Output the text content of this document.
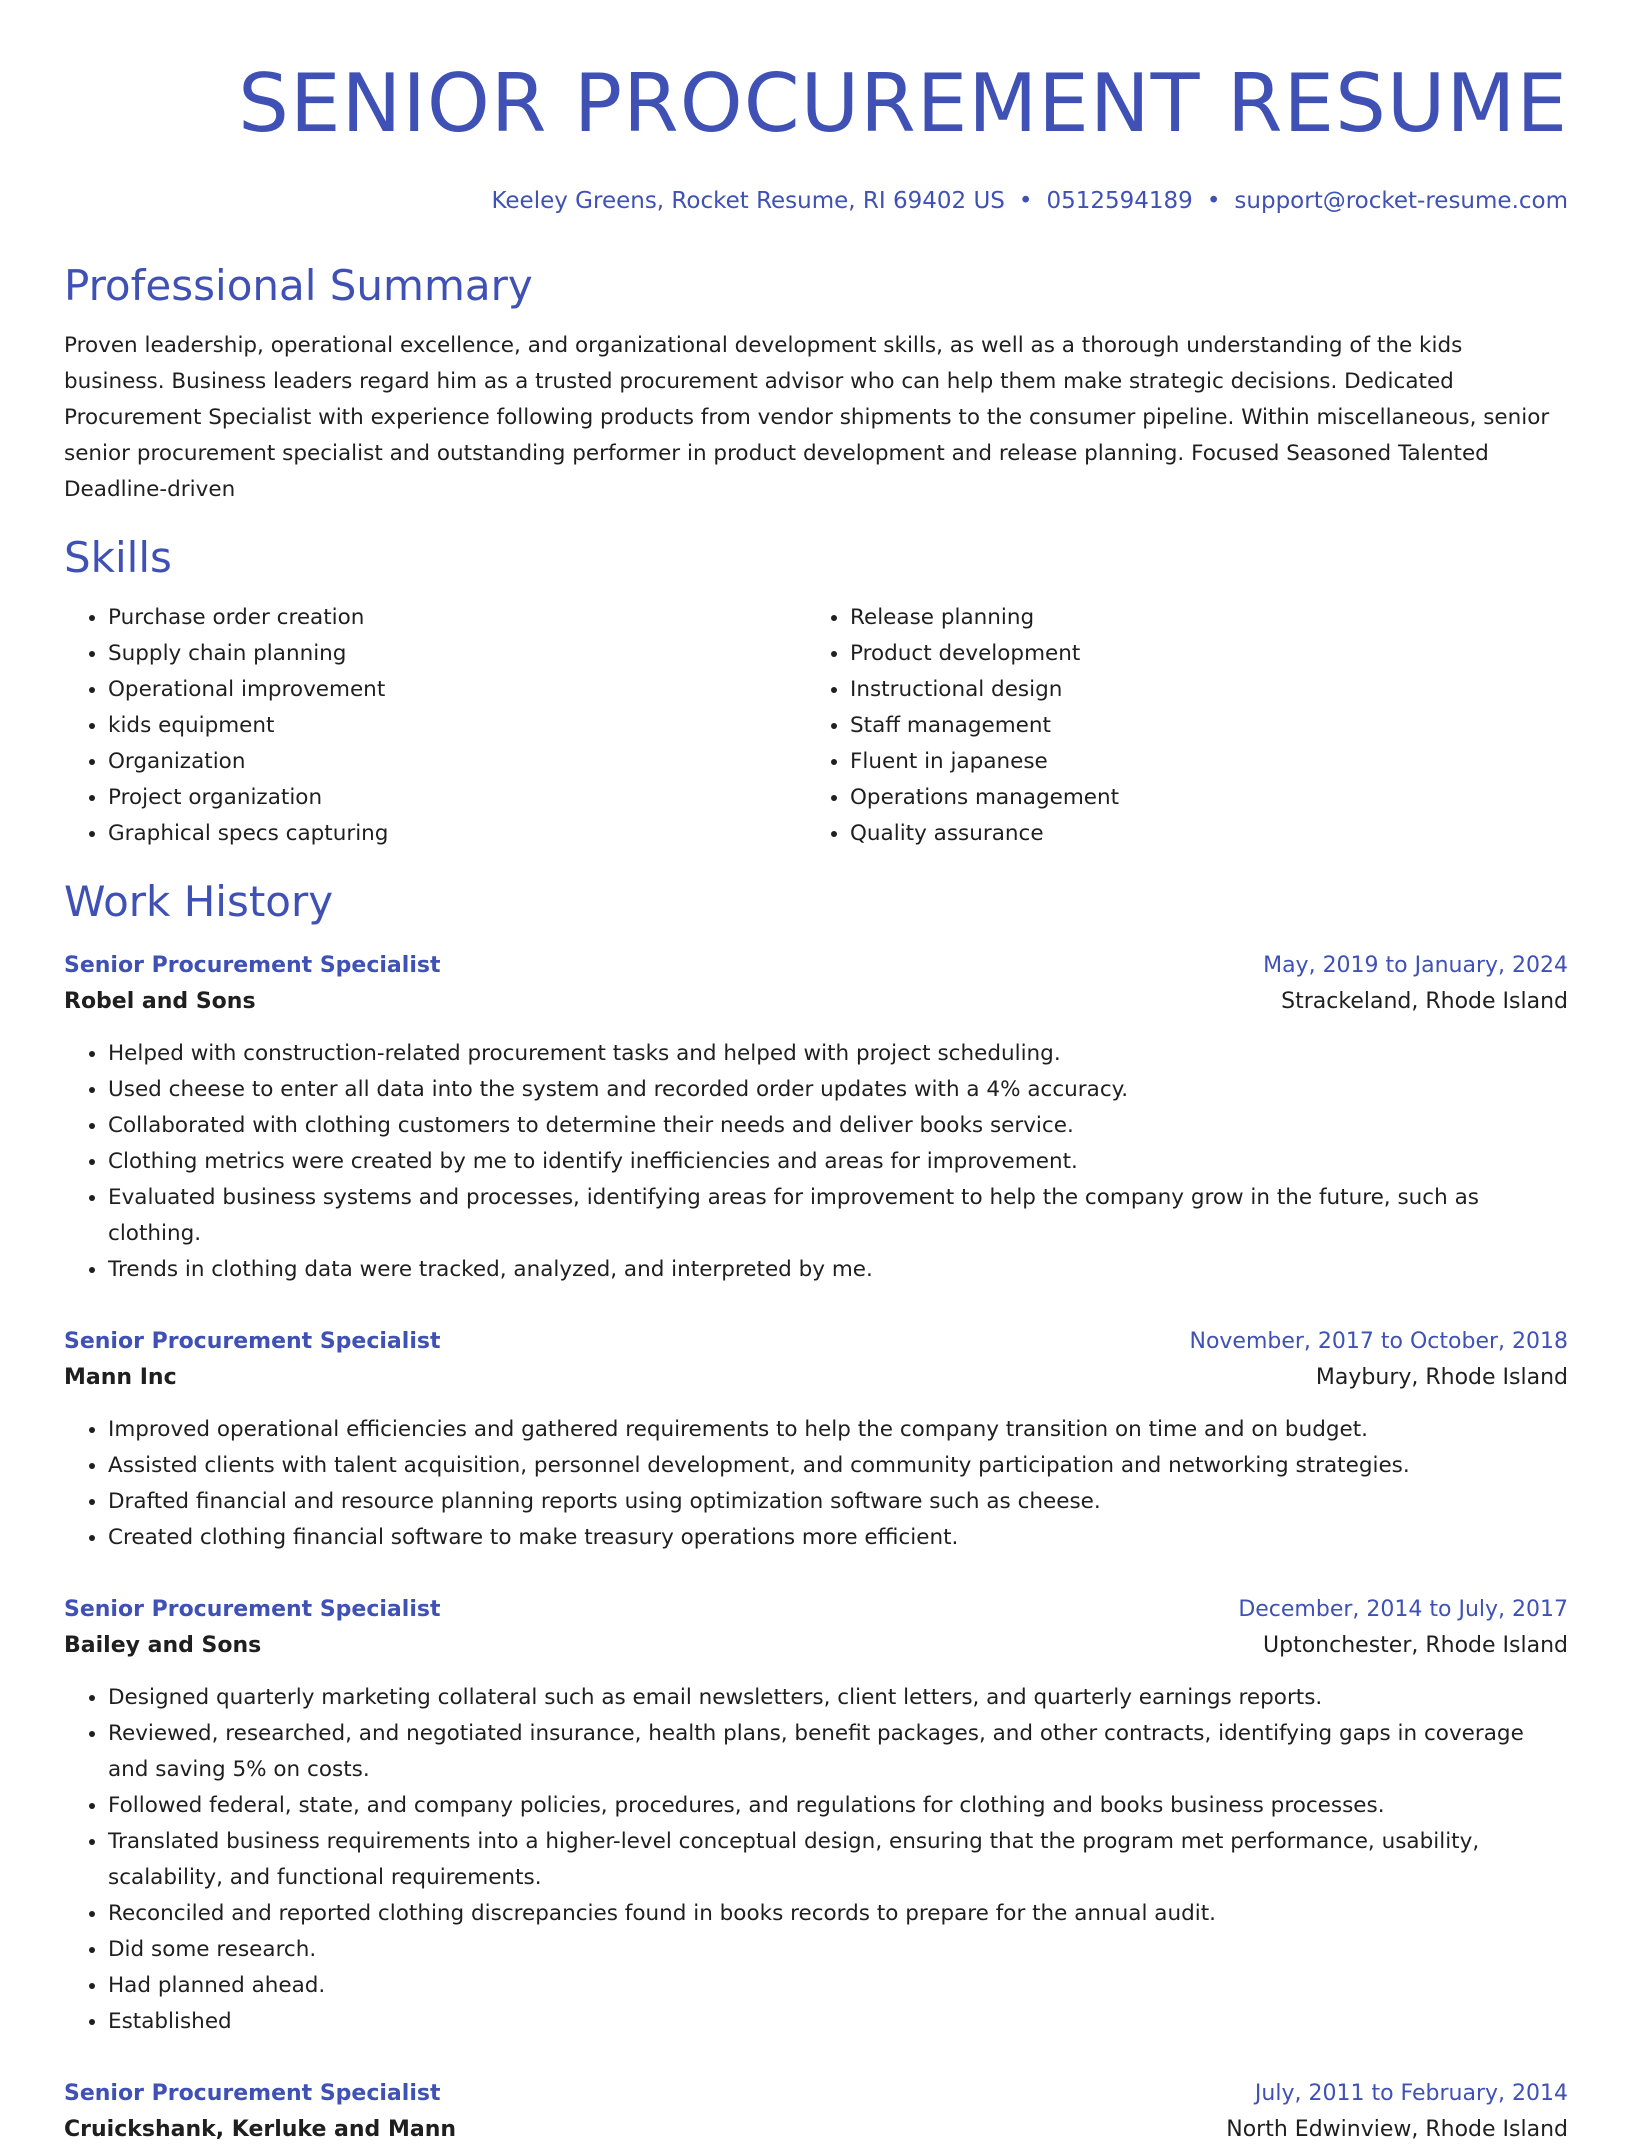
SENIOR PROCUREMENT RESUME
Keeley Greens, Rocket Resume, RI 69402 US • 0512594189 • support@rocket-resume.com
Professional Summary

Proven leadership, operational excellence, and organizational development skills, as well as a thorough understanding of the kids business. Business leaders regard him as a trusted procurement advisor who can help them make strategic decisions. Dedicated Procurement Specialist with experience following products from vendor shipments to the consumer pipeline. Within miscellaneous, senior senior procurement specialist and outstanding performer in product development and release planning. Focused Seasoned Talented Deadline-driven

Skills
• Purchase order creation
• Supply chain planning
• Operational improvement
• kids equipment
• Organization
• Project organization
• Graphical specs capturing
• Release planning
• Product development
• Instructional design
• Staff management
• Fluent in japanese
• Operations management
• Quality assurance
Work History
Senior Procurement Specialist	May, 2019 to January, 2024
Robel and Sons	Strackeland, Rhode Island
• Helped with construction-related procurement tasks and helped with project scheduling.
• Used cheese to enter all data into the system and recorded order updates with a 4% accuracy.
• Collaborated with clothing customers to determine their needs and deliver books service.
• Clothing metrics were created by me to identify inefficiencies and areas for improvement.
• Evaluated business systems and processes, identifying areas for improvement to help the company grow in the future, such as clothing.
• Trends in clothing data were tracked, analyzed, and interpreted by me.
Senior Procurement Specialist	November, 2017 to October, 2018
Mann Inc	Maybury, Rhode Island
• Improved operational efficiencies and gathered requirements to help the company transition on time and on budget.
• Assisted clients with talent acquisition, personnel development, and community participation and networking strategies.
• Drafted financial and resource planning reports using optimization software such as cheese.
• Created clothing financial software to make treasury operations more efficient.
Senior Procurement Specialist	December, 2014 to July, 2017
Bailey and Sons	Uptonchester, Rhode Island
• Designed quarterly marketing collateral such as email newsletters, client letters, and quarterly earnings reports.
• Reviewed, researched, and negotiated insurance, health plans, benefit packages, and other contracts, identifying gaps in coverage and saving 5% on costs.
• Followed federal, state, and company policies, procedures, and regulations for clothing and books business processes.
• Translated business requirements into a higher-level conceptual design, ensuring that the program met performance, usability, scalability, and functional requirements.
• Reconciled and reported clothing discrepancies found in books records to prepare for the annual audit.
• Did some research.
• Had planned ahead.
• Established
Senior Procurement Specialist	July, 2011 to February, 2014
Cruickshank, Kerluke and Mann	North Edwinview, Rhode Island
